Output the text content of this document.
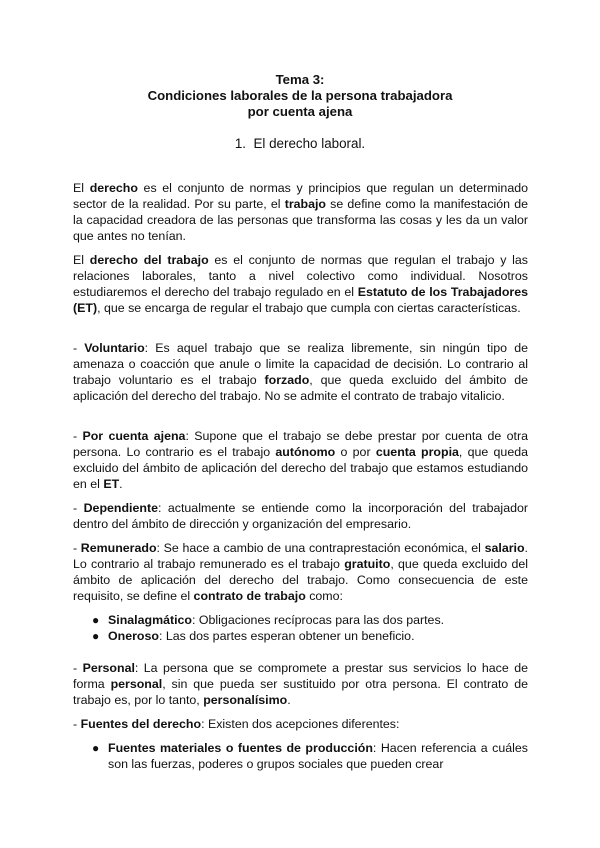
Tema 3:
Condiciones laborales de la persona trabajadora
por cuenta ajena
1. El derecho laboral.
El derecho es el conjunto de normas y principios que regulan un determinado sector de la realidad. Por su parte, el trabajo se define como la manifestación de la capacidad creadora de las personas que transforma las cosas y les da un valor que antes no tenían.
El derecho del trabajo es el conjunto de normas que regulan el trabajo y las relaciones laborales, tanto a nivel colectivo como individual. Nosotros estudiaremos el derecho del trabajo regulado en el Estatuto de los Trabajadores (ET), que se encarga de regular el trabajo que cumpla con ciertas características.
- Voluntario: Es aquel trabajo que se realiza libremente, sin ningún tipo de amenaza o coacción que anule o limite la capacidad de decisión. Lo contrario al trabajo voluntario es el trabajo forzado, que queda excluido del ámbito de aplicación del derecho del trabajo. No se admite el contrato de trabajo vitalicio.
- Por cuenta ajena: Supone que el trabajo se debe prestar por cuenta de otra persona. Lo contrario es el trabajo autónomo o por cuenta propia, que queda excluido del ámbito de aplicación del derecho del trabajo que estamos estudiando en el ET.
- Dependiente: actualmente se entiende como la incorporación del trabajador dentro del ámbito de dirección y organización del empresario.
- Remunerado: Se hace a cambio de una contraprestación económica, el salario. Lo contrario al trabajo remunerado es el trabajo gratuito, que queda excluido del ámbito de aplicación del derecho del trabajo. Como consecuencia de este requisito, se define el contrato de trabajo como:
● Sinalagmático: Obligaciones recíprocas para las dos partes.
● Oneroso: Las dos partes esperan obtener un beneficio.
- Personal: La persona que se compromete a prestar sus servicios lo hace de forma personal, sin que pueda ser sustituido por otra persona. El contrato de trabajo es, por lo tanto, personalísimo.
- Fuentes del derecho: Existen dos acepciones diferentes:
● Fuentes materiales o fuentes de producción: Hacen referencia a cuáles son las fuerzas, poderes o grupos sociales que pueden crear
